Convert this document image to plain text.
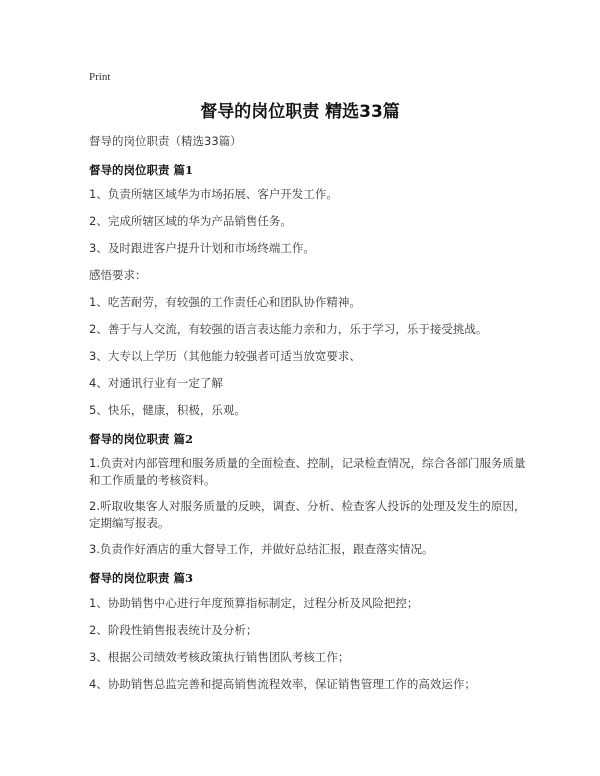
Print
督导的岗位职责 精选33篇

督导的岗位职责（精选33篇）

督导的岗位职责 篇1

1、负责所辖区域华为市场拓展、客户开发工作。

2、完成所辖区域的华为产品销售任务。

3、及时跟进客户提升计划和市场终端工作。

感悟要求：

1、吃苦耐劳，有较强的工作责任心和团队协作精神。

2、善于与人交流，有较强的语言表达能力亲和力，乐于学习，乐于接受挑战。

3、大专以上学历（其他能力较强者可适当放宽要求、

4、对通讯行业有一定了解

5、快乐，健康，积极，乐观。

督导的岗位职责 篇2

1.负责对内部管理和服务质量的全面检查、控制，记录检查情况，综合各部门服务质量和工作质量的考核资料。

2.听取收集客人对服务质量的反映，调查、分析、检查客人投诉的处理及发生的原因，定期编写报表。

3.负责作好酒店的重大督导工作，并做好总结汇报，跟查落实情况。

督导的岗位职责 篇3

1、协助销售中心进行年度预算指标制定，过程分析及风险把控；

2、阶段性销售报表统计及分析；

3、根据公司绩效考核政策执行销售团队考核工作；

4、协助销售总监完善和提高销售流程效率，保证销售管理工作的高效运作；
